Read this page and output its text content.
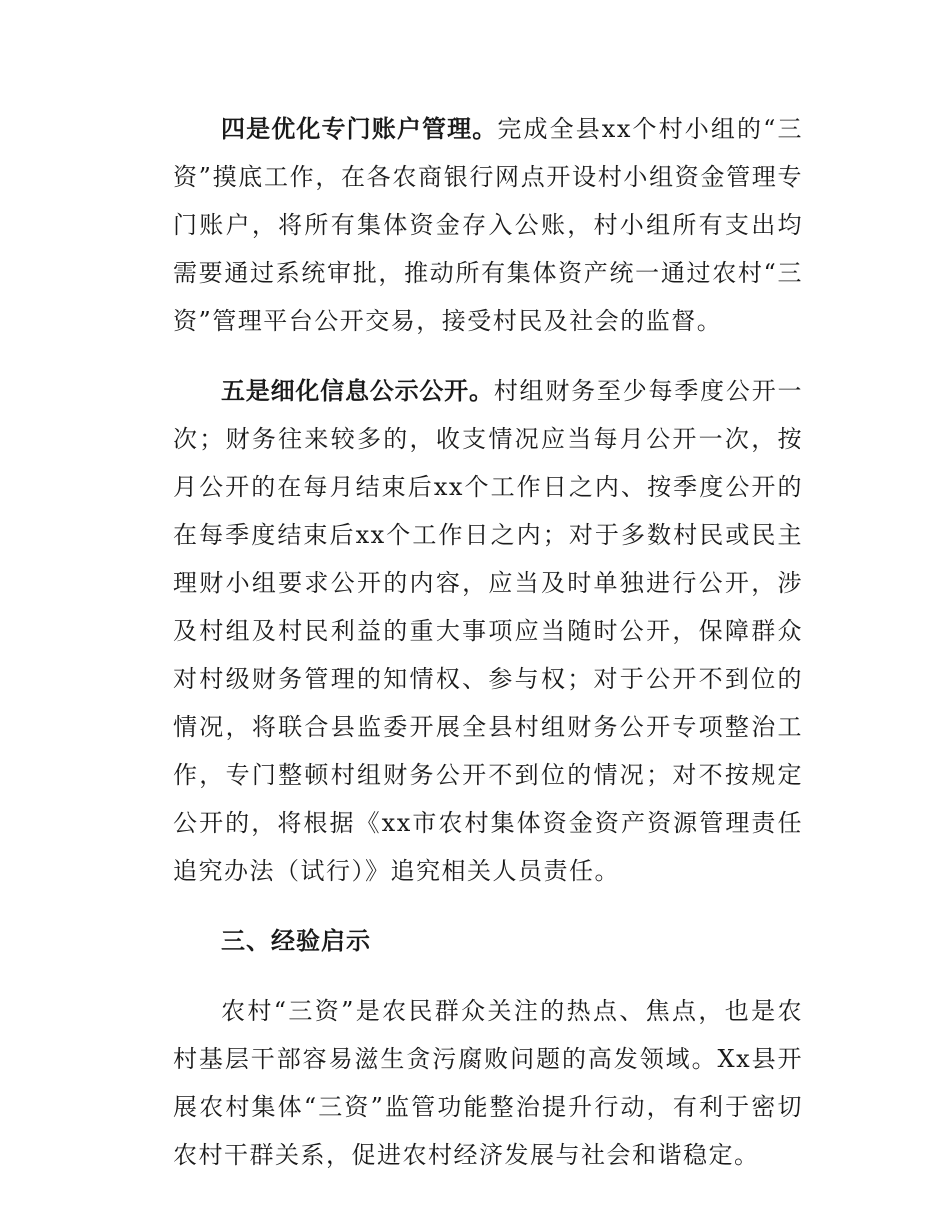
四是优化专门账户管理。完成全县xx个村小组的“三资”摸底工作，在各农商银行网点开设村小组资金管理专门账户，将所有集体资金存入公账，村小组所有支出均需要通过系统审批，推动所有集体资产统一通过农村“三资”管理平台公开交易，接受村民及社会的监督。

五是细化信息公示公开。村组财务至少每季度公开一次；财务往来较多的，收支情况应当每月公开一次，按月公开的在每月结束后xx个工作日之内、按季度公开的在每季度结束后xx个工作日之内；对于多数村民或民主理财小组要求公开的内容，应当及时单独进行公开，涉及村组及村民利益的重大事项应当随时公开，保障群众对村级财务管理的知情权、参与权；对于公开不到位的情况，将联合县监委开展全县村组财务公开专项整治工作，专门整顿村组财务公开不到位的情况；对不按规定公开的，将根据《xx市农村集体资金资产资源管理责任追究办法（试行）》追究相关人员责任。

三、经验启示

农村“三资”是农民群众关注的热点、焦点，也是农村基层干部容易滋生贪污腐败问题的高发领域。Xx县开展农村集体“三资”监管功能整治提升行动，有利于密切农村干群关系，促进农村经济发展与社会和谐稳定。
